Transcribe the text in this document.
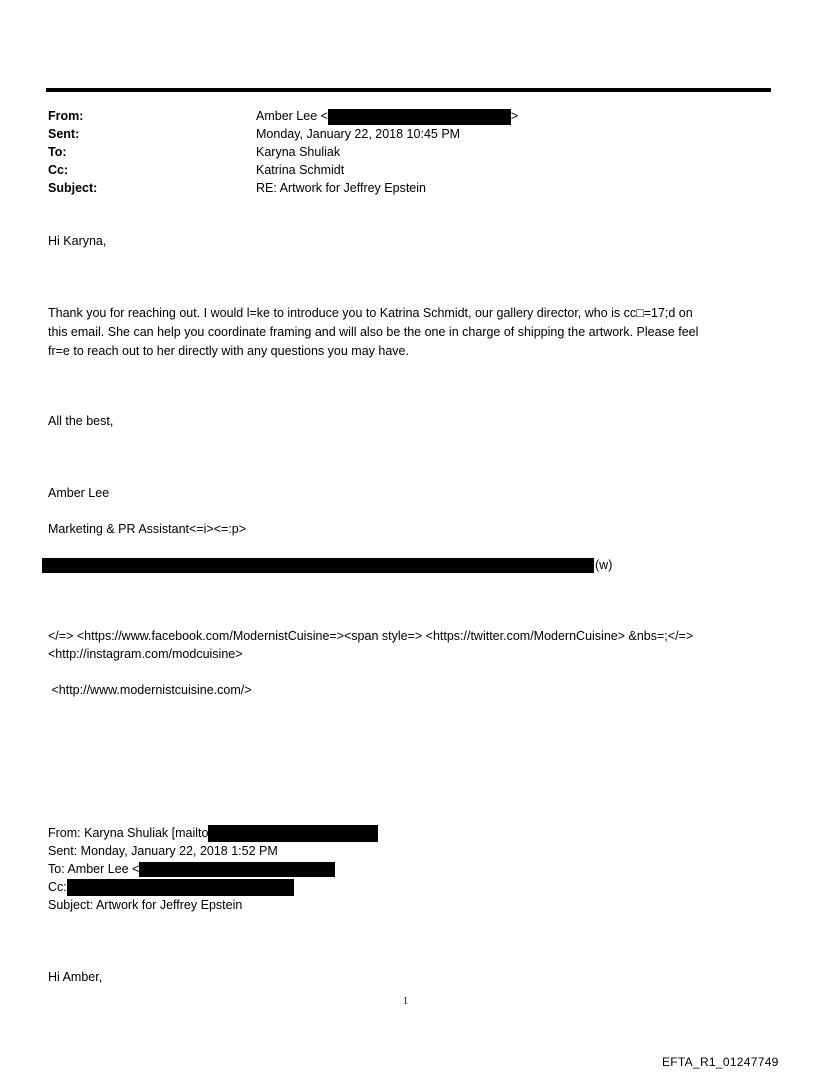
From:	Amber Lee <	>
Sent:	Monday, January 22, 2018 10:45 PM
To:	Karyna Shuliak
Cc:	Katrina Schmidt
Subject:	RE: Artwork for Jeffrey Epstein
Hi Karyna,
Thank you for reaching out. I would l=ke to introduce you to Katrina Schmidt, our gallery director, who is cc□=17;d on
this email. She can help you coordinate framing and will also be the one in charge of shipping the artwork. Please feel
fr=e to reach out to her directly with any questions you may have.
All the best,
Amber Lee
Marketing & PR Assistant<=i><=:p>
(w)
</=> <https://www.facebook.com/ModernistCuisine=><span style=> <https://twitter.com/ModernCuisine> &nbs=;</=>
<http://instagram.com/modcuisine>
<http://www.modernistcuisine.com/>
From: Karyna Shuliak [mailto
Sent: Monday, January 22, 2018 1:52 PM
To: Amber Lee <
Cc:
Subject: Artwork for Jeffrey Epstein
Hi Amber,
1
EFTA_R1_01247749
